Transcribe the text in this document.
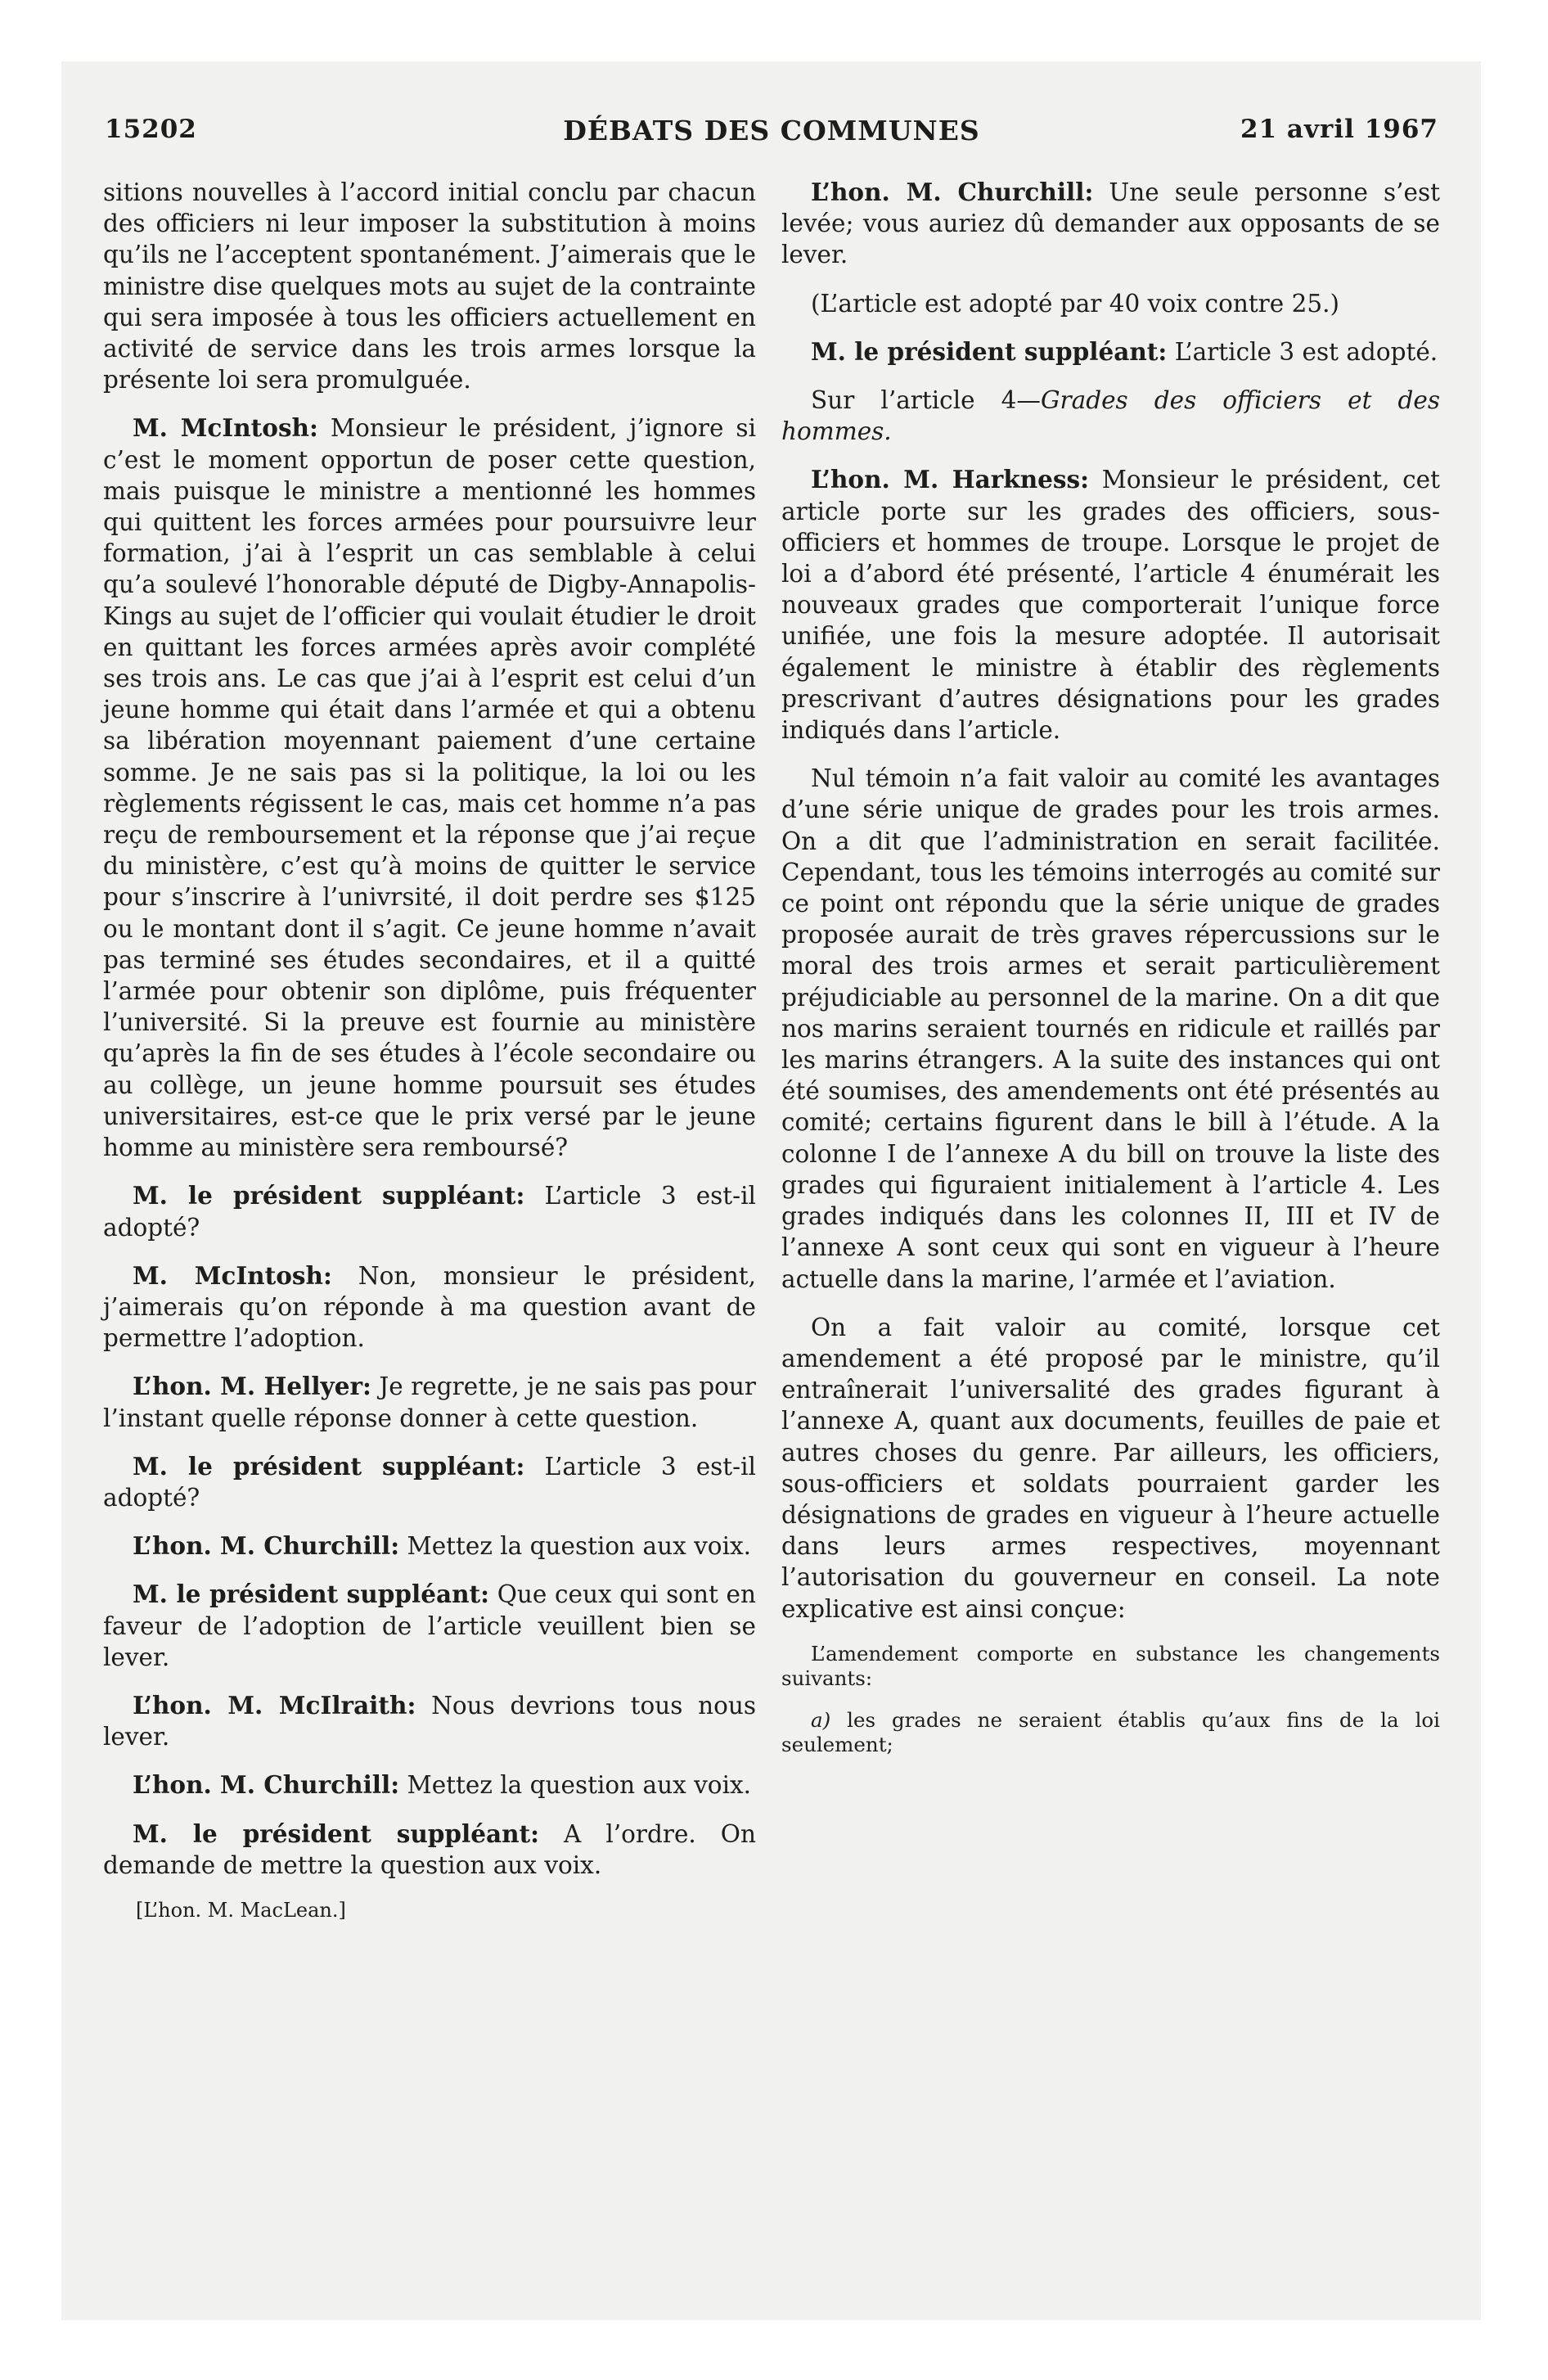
15202	DÉBATS DES COMMUNES	21 avril 1967

sitions nouvelles à l’accord initial conclu par chacun des officiers ni leur imposer la substitution à moins qu’ils ne l’acceptent spontanément. J’aimerais que le ministre dise quelques mots au sujet de la contrainte qui sera imposée à tous les officiers actuellement en activité de service dans les trois armes lorsque la présente loi sera promulguée.

M. McIntosh: Monsieur le président, j’ignore si c’est le moment opportun de poser cette question, mais puisque le ministre a mentionné les hommes qui quittent les forces armées pour poursuivre leur formation, j’ai à l’esprit un cas semblable à celui qu’a soulevé l’honorable député de Digby-Annapolis-Kings au sujet de l’officier qui voulait étudier le droit en quittant les forces armées après avoir complété ses trois ans. Le cas que j’ai à l’esprit est celui d’un jeune homme qui était dans l’armée et qui a obtenu sa libération moyennant paiement d’une certaine somme. Je ne sais pas si la politique, la loi ou les règlements régissent le cas, mais cet homme n’a pas reçu de remboursement et la réponse que j’ai reçue du ministère, c’est qu’à moins de quitter le service pour s’inscrire à l’univrsité, il doit perdre ses $125 ou le montant dont il s’agit. Ce jeune homme n’avait pas terminé ses études secondaires, et il a quitté l’armée pour obtenir son diplôme, puis fréquenter l’université. Si la preuve est fournie au ministère qu’après la fin de ses études à l’école secondaire ou au collège, un jeune homme poursuit ses études universitaires, est-ce que le prix versé par le jeune homme au ministère sera remboursé?

M. le président suppléant: L’article 3 est-il adopté?

M. McIntosh: Non, monsieur le président, j’aimerais qu’on réponde à ma question avant de permettre l’adoption.

L’hon. M. Hellyer: Je regrette, je ne sais pas pour l’instant quelle réponse donner à cette question.

M. le président suppléant: L’article 3 est-il adopté?

L’hon. M. Churchill: Mettez la question aux voix.

M. le président suppléant: Que ceux qui sont en faveur de l’adoption de l’article veuillent bien se lever.

L’hon. M. McIlraith: Nous devrions tous nous lever.

L’hon. M. Churchill: Mettez la question aux voix.

M. le président suppléant: A l’ordre. On demande de mettre la question aux voix.

[L’hon. M. MacLean.]

L’hon. M. Churchill: Une seule personne s’est levée; vous auriez dû demander aux opposants de se lever.

(L’article est adopté par 40 voix contre 25.)

M. le président suppléant: L’article 3 est adopté.

Sur l’article 4—Grades des officiers et des hommes.

L’hon. M. Harkness: Monsieur le président, cet article porte sur les grades des officiers, sous-officiers et hommes de troupe. Lorsque le projet de loi a d’abord été présenté, l’article 4 énumérait les nouveaux grades que comporterait l’unique force unifiée, une fois la mesure adoptée. Il autorisait également le ministre à établir des règlements prescrivant d’autres désignations pour les grades indiqués dans l’article.

Nul témoin n’a fait valoir au comité les avantages d’une série unique de grades pour les trois armes. On a dit que l’administration en serait facilitée. Cependant, tous les témoins interrogés au comité sur ce point ont répondu que la série unique de grades proposée aurait de très graves répercussions sur le moral des trois armes et serait particulièrement préjudiciable au personnel de la marine. On a dit que nos marins seraient tournés en ridicule et raillés par les marins étrangers. A la suite des instances qui ont été soumises, des amendements ont été présentés au comité; certains figurent dans le bill à l’étude. A la colonne I de l’annexe A du bill on trouve la liste des grades qui figuraient initialement à l’article 4. Les grades indiqués dans les colonnes II, III et IV de l’annexe A sont ceux qui sont en vigueur à l’heure actuelle dans la marine, l’armée et l’aviation.

On a fait valoir au comité, lorsque cet amendement a été proposé par le ministre, qu’il entraînerait l’universalité des grades figurant à l’annexe A, quant aux documents, feuilles de paie et autres choses du genre. Par ailleurs, les officiers, sous-officiers et soldats pourraient garder les désignations de grades en vigueur à l’heure actuelle dans leurs armes respectives, moyennant l’autorisation du gouverneur en conseil. La note explicative est ainsi conçue:

L’amendement comporte en substance les changements suivants:

a) les grades ne seraient établis qu’aux fins de la loi seulement;
